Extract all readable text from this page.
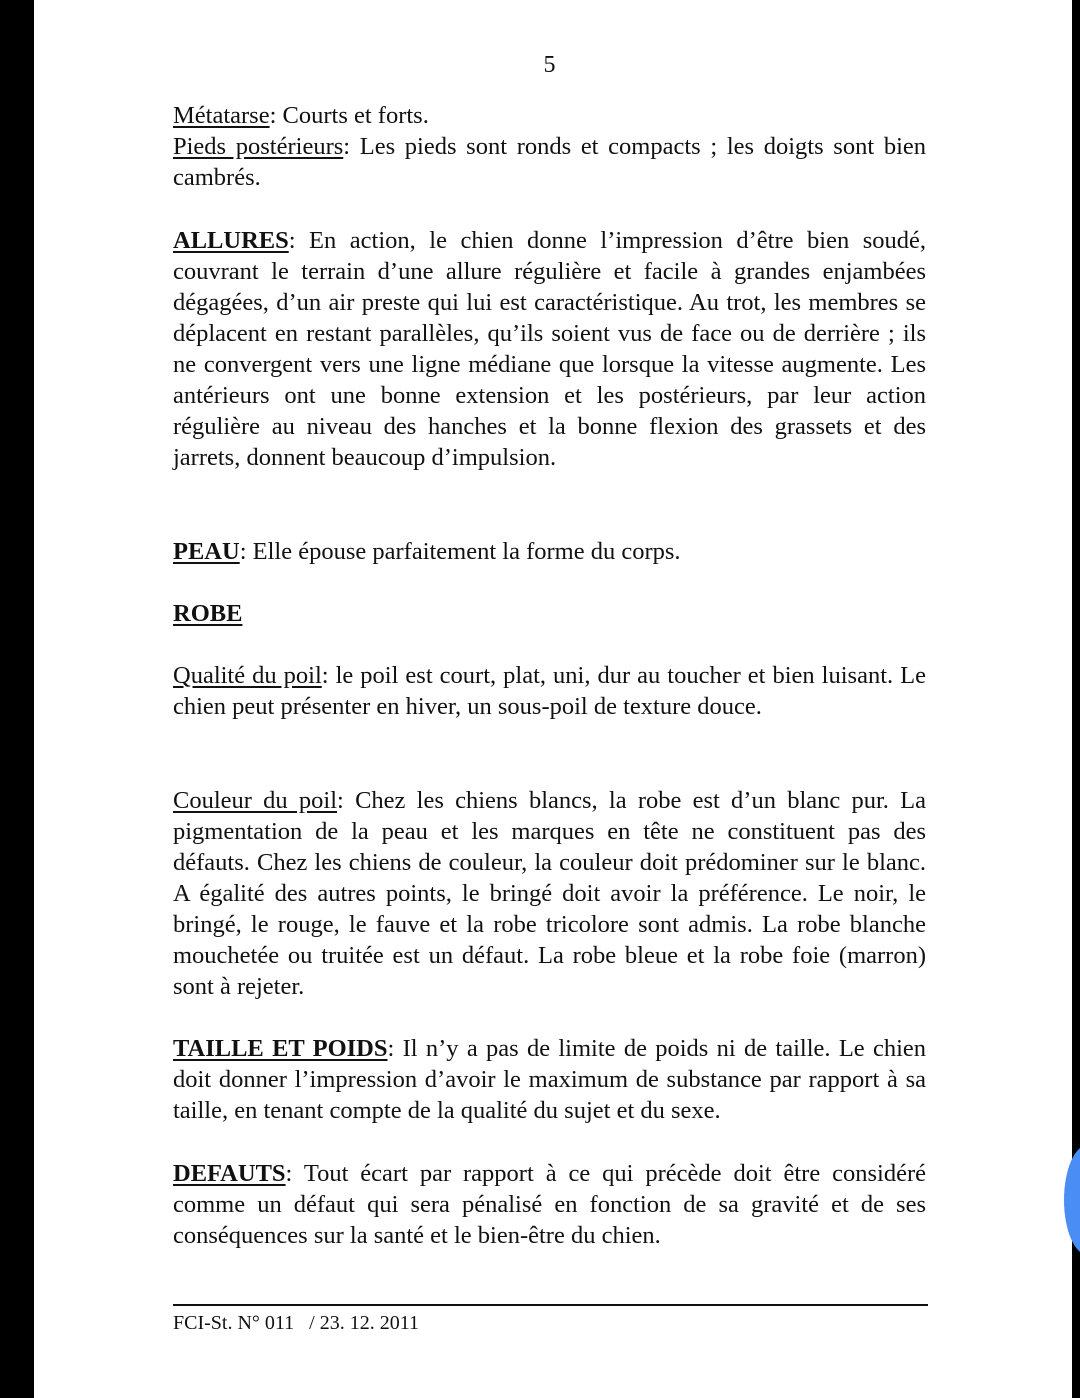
5

Métatarse: Courts et forts.

Pieds postérieurs: Les pieds sont ronds et compacts ; les doigts sont bien cambrés.

ALLURES: En action, le chien donne l’impression d’être bien soudé, couvrant le terrain d’une allure régulière et facile à grandes enjambées dégagées, d’un air preste qui lui est caractéristique. Au trot, les membres se déplacent en restant parallèles, qu’ils soient vus de face ou de derrière ; ils ne convergent vers une ligne médiane que lorsque la vitesse augmente. Les antérieurs ont une bonne extension et les postérieurs, par leur action régulière au niveau des hanches et la bonne flexion des grassets et des jarrets, donnent beaucoup d’impulsion.

PEAU: Elle épouse parfaitement la forme du corps.

ROBE

Qualité du poil: le poil est court, plat, uni, dur au toucher et bien luisant. Le chien peut présenter en hiver, un sous-poil de texture douce.

Couleur du poil: Chez les chiens blancs, la robe est d’un blanc pur. La pigmentation de la peau et les marques en tête ne constituent pas des défauts. Chez les chiens de couleur, la couleur doit prédominer sur le blanc. A égalité des autres points, le bringé doit avoir la préférence. Le noir, le bringé, le rouge, le fauve et la robe tricolore sont admis. La robe blanche mouchetée ou truitée est un défaut. La robe bleue et la robe foie (marron) sont à rejeter.

TAILLE ET POIDS: Il n’y a pas de limite de poids ni de taille. Le chien doit donner l’impression d’avoir le maximum de substance par rapport à sa taille, en tenant compte de la qualité du sujet et du sexe.

DEFAUTS: Tout écart par rapport à ce qui précède doit être considéré comme un défaut qui sera pénalisé en fonction de sa gravité et de ses conséquences sur la santé et le bien-être du chien.

FCI-St. N° 011   / 23. 12. 2011
